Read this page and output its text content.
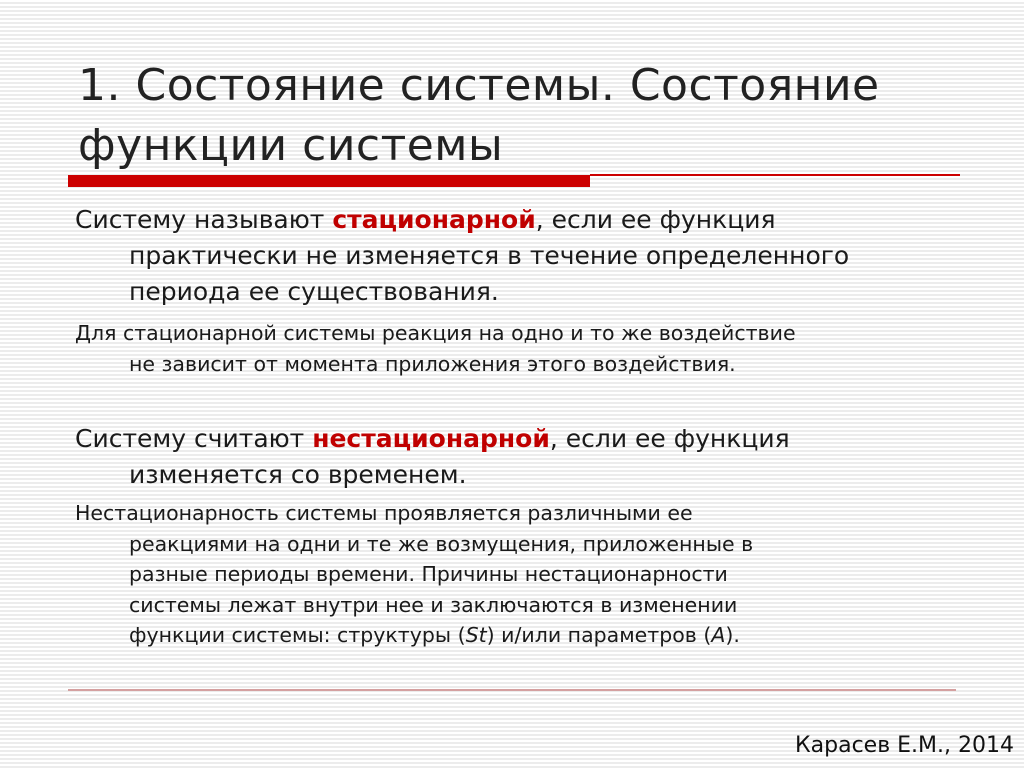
1. Состояние системы. Состояние
функции системы
Систему называют стационарной, если ее функция
практически не изменяется в течение определенного
периода ее существования.
Для стационарной системы реакция на одно и то же воздействие
не зависит от момента приложения этого воздействия.
Систему считают нестационарной, если ее функция
изменяется со временем.
Нестационарность системы проявляется различными ее
реакциями на одни и те же возмущения, приложенные в
разные периоды времени. Причины нестационарности
системы лежат внутри нее и заключаются в изменении
функции системы: структуры (St) и/или параметров (A).
Карасев Е.М., 2014
